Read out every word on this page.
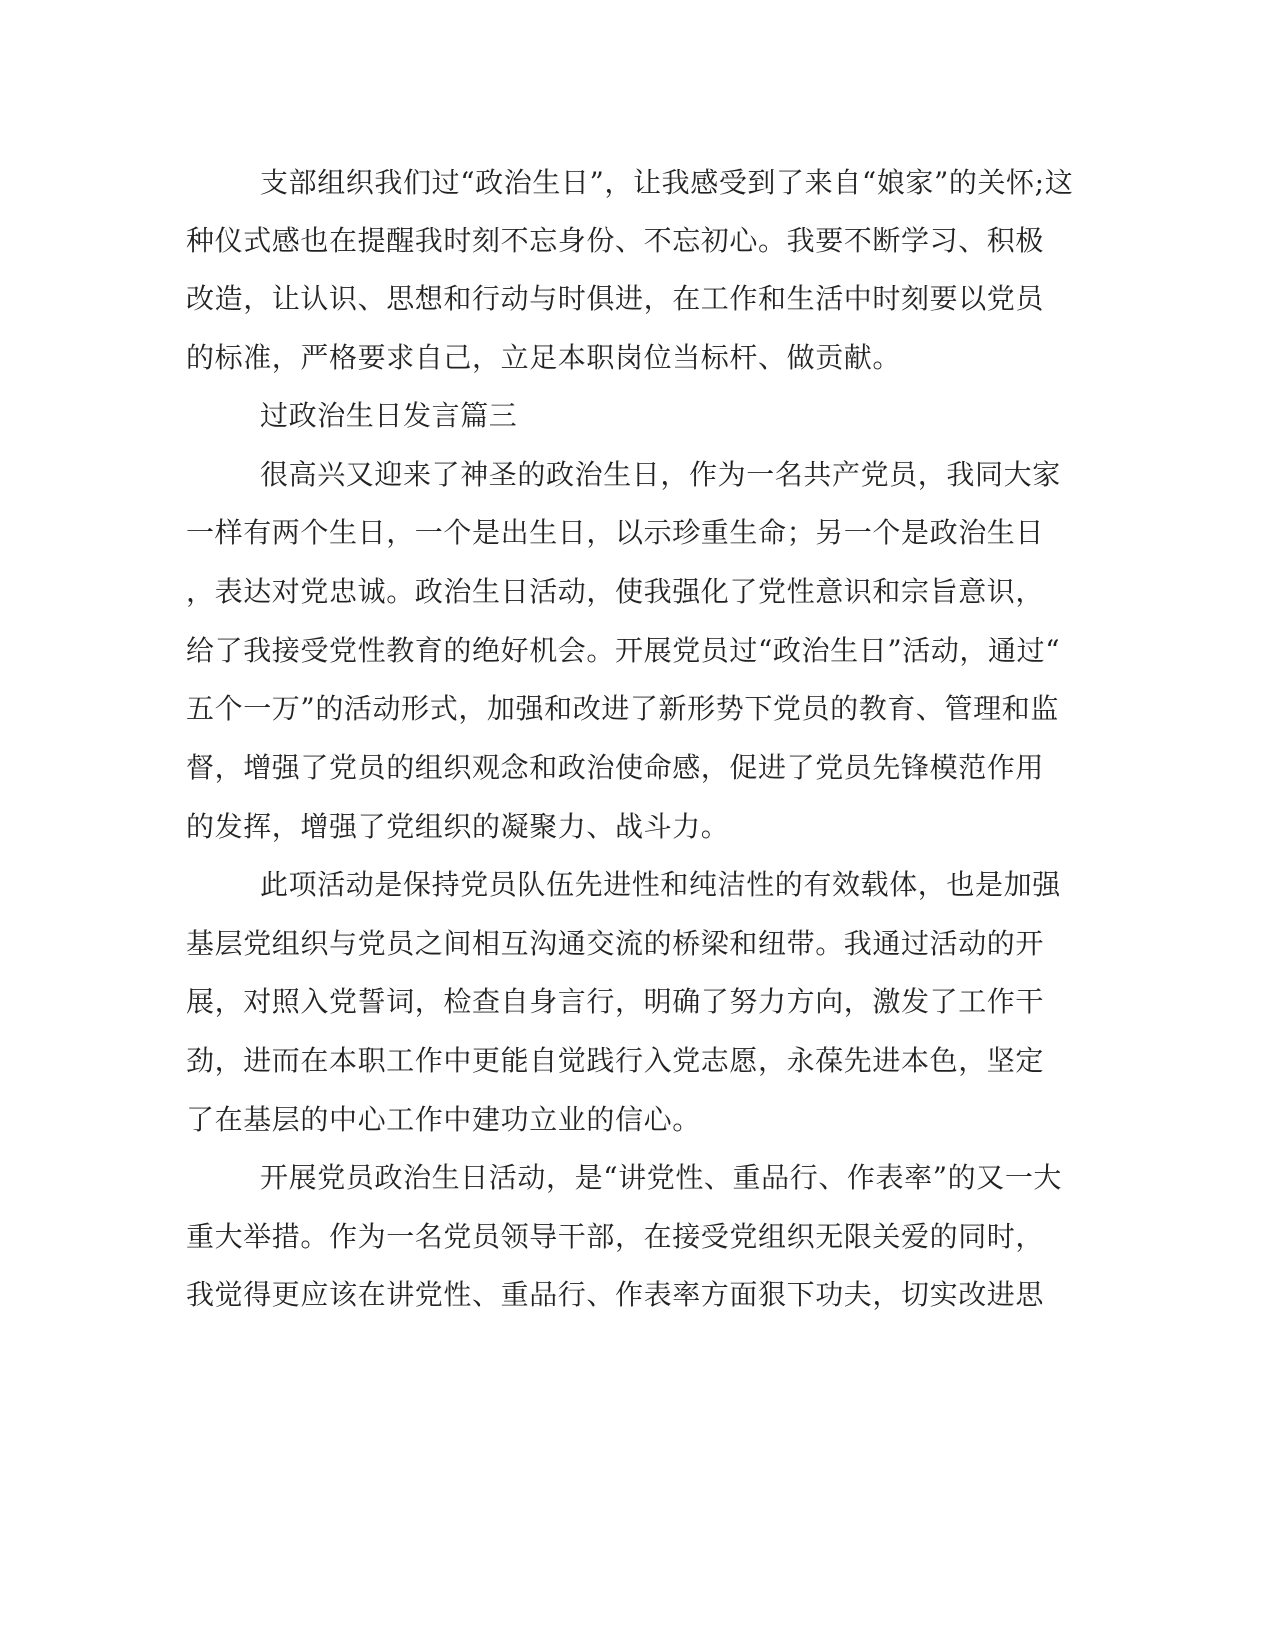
支部组织我们过“政治生日”，让我感受到了来自“娘家”的关怀;这
种仪式感也在提醒我时刻不忘身份、不忘初心。我要不断学习、积极
改造，让认识、思想和行动与时俱进，在工作和生活中时刻要以党员
的标准，严格要求自己，立足本职岗位当标杆、做贡献。
过政治生日发言篇三
很高兴又迎来了神圣的政治生日，作为一名共产党员，我同大家
一样有两个生日，一个是出生日，以示珍重生命；另一个是政治生日
，表达对党忠诚。政治生日活动，使我强化了党性意识和宗旨意识，
给了我接受党性教育的绝好机会。开展党员过“政治生日”活动，通过“
五个一万”的活动形式，加强和改进了新形势下党员的教育、管理和监
督，增强了党员的组织观念和政治使命感，促进了党员先锋模范作用
的发挥，增强了党组织的凝聚力、战斗力。
此项活动是保持党员队伍先进性和纯洁性的有效载体，也是加强
基层党组织与党员之间相互沟通交流的桥梁和纽带。我通过活动的开
展，对照入党誓词，检查自身言行，明确了努力方向，激发了工作干
劲，进而在本职工作中更能自觉践行入党志愿，永葆先进本色，坚定
了在基层的中心工作中建功立业的信心。
开展党员政治生日活动，是“讲党性、重品行、作表率”的又一大
重大举措。作为一名党员领导干部，在接受党组织无限关爱的同时，
我觉得更应该在讲党性、重品行、作表率方面狠下功夫，切实改进思
